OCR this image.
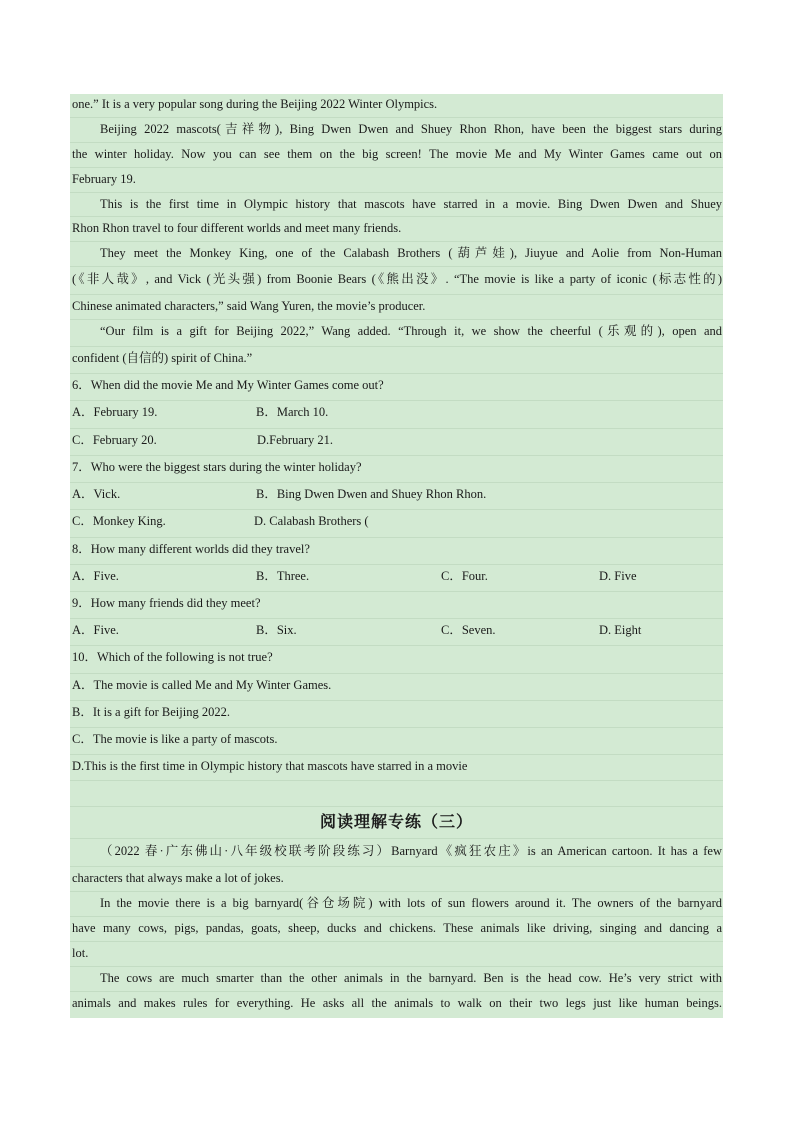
one.” It is a very popular song during the Beijing 2022 Winter Olympics.
Beijing 2022 mascots(吉祥物), Bing Dwen Dwen and Shuey Rhon Rhon, have been the biggest stars during
the winter holiday. Now you can see them on the big screen! The movie Me and My Winter Games came out on
February 19.
This is the first time in Olympic history that mascots have starred in a movie. Bing Dwen Dwen and Shuey
Rhon Rhon travel to four different worlds and meet many friends.
They meet the Monkey King, one of the Calabash Brothers (葫芦娃), Jiuyue and Aolie from Non-Human
(《非人哉》, and Vick (光头强) from Boonie Bears (《熊出没》. “The movie is like a party of iconic (标志性的)
Chinese animated characters,” said Wang Yuren, the movie’s producer.
“Our film is a gift for Beijing 2022,” Wang added. “Through it, we show the cheerful (乐观的), open and
confident (自信的) spirit of China.”
6．When did the movie Me and My Winter Games come out?
A．February 19.	B．March 10.
C．February 20.	D.February 21.
7．Who were the biggest stars during the winter holiday?
A．Vick.	B．Bing Dwen Dwen and Shuey Rhon Rhon.
C．Monkey King.	D. Calabash Brothers (
8．How many different worlds did they travel?
A．Five.	B．Three.	C．Four.	D. Five
9．How many friends did they meet?
A．Five.	B．Six.	C．Seven.	D. Eight
10．Which of the following is not true?
A．The movie is called Me and My Winter Games.
B．It is a gift for Beijing 2022.
C．The movie is like a party of mascots.
D.This is the first time in Olympic history that mascots have starred in a movie
阅读理解专练（三）
（2022 春·广东佛山·八年级校联考阶段练习）Barnyard《疯狂农庄》is an American cartoon. It has a few
characters that always make a lot of jokes.
In the movie there is a big barnyard(谷仓场院) with lots of sun flowers around it. The owners of the barnyard
have many cows, pigs, pandas, goats, sheep, ducks and chickens. These animals like driving, singing and dancing a
lot.
The cows are much smarter than the other animals in the barnyard. Ben is the head cow. He’s very strict with
animals and makes rules for everything. He asks all the animals to walk on their two legs just like human beings.
